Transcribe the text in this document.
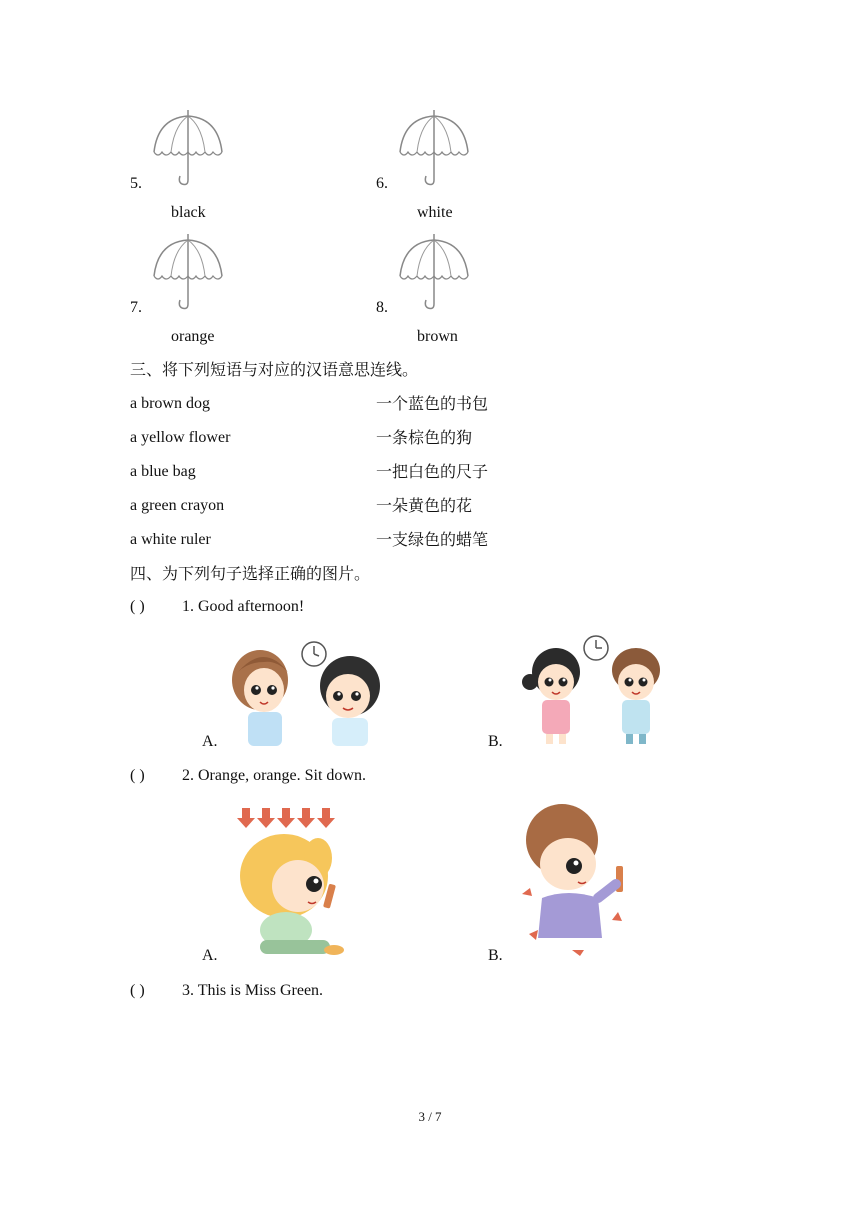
5.
black
6.
white
7.
orange
8.
brown
三、将下列短语与对应的汉语意思连线。
a brown dog
a yellow flower
a blue bag
a green crayon
a white ruler
一个蓝色的书包
一条棕色的狗
一把白色的尺子
一朵黄色的花
一支绿色的蜡笔
四、为下列句子选择正确的图片。
( ) 1. Good afternoon!
A.	B.
( ) 2. Orange, orange. Sit down.
A.	B.
( ) 3. This is Miss Green.
3 / 7
